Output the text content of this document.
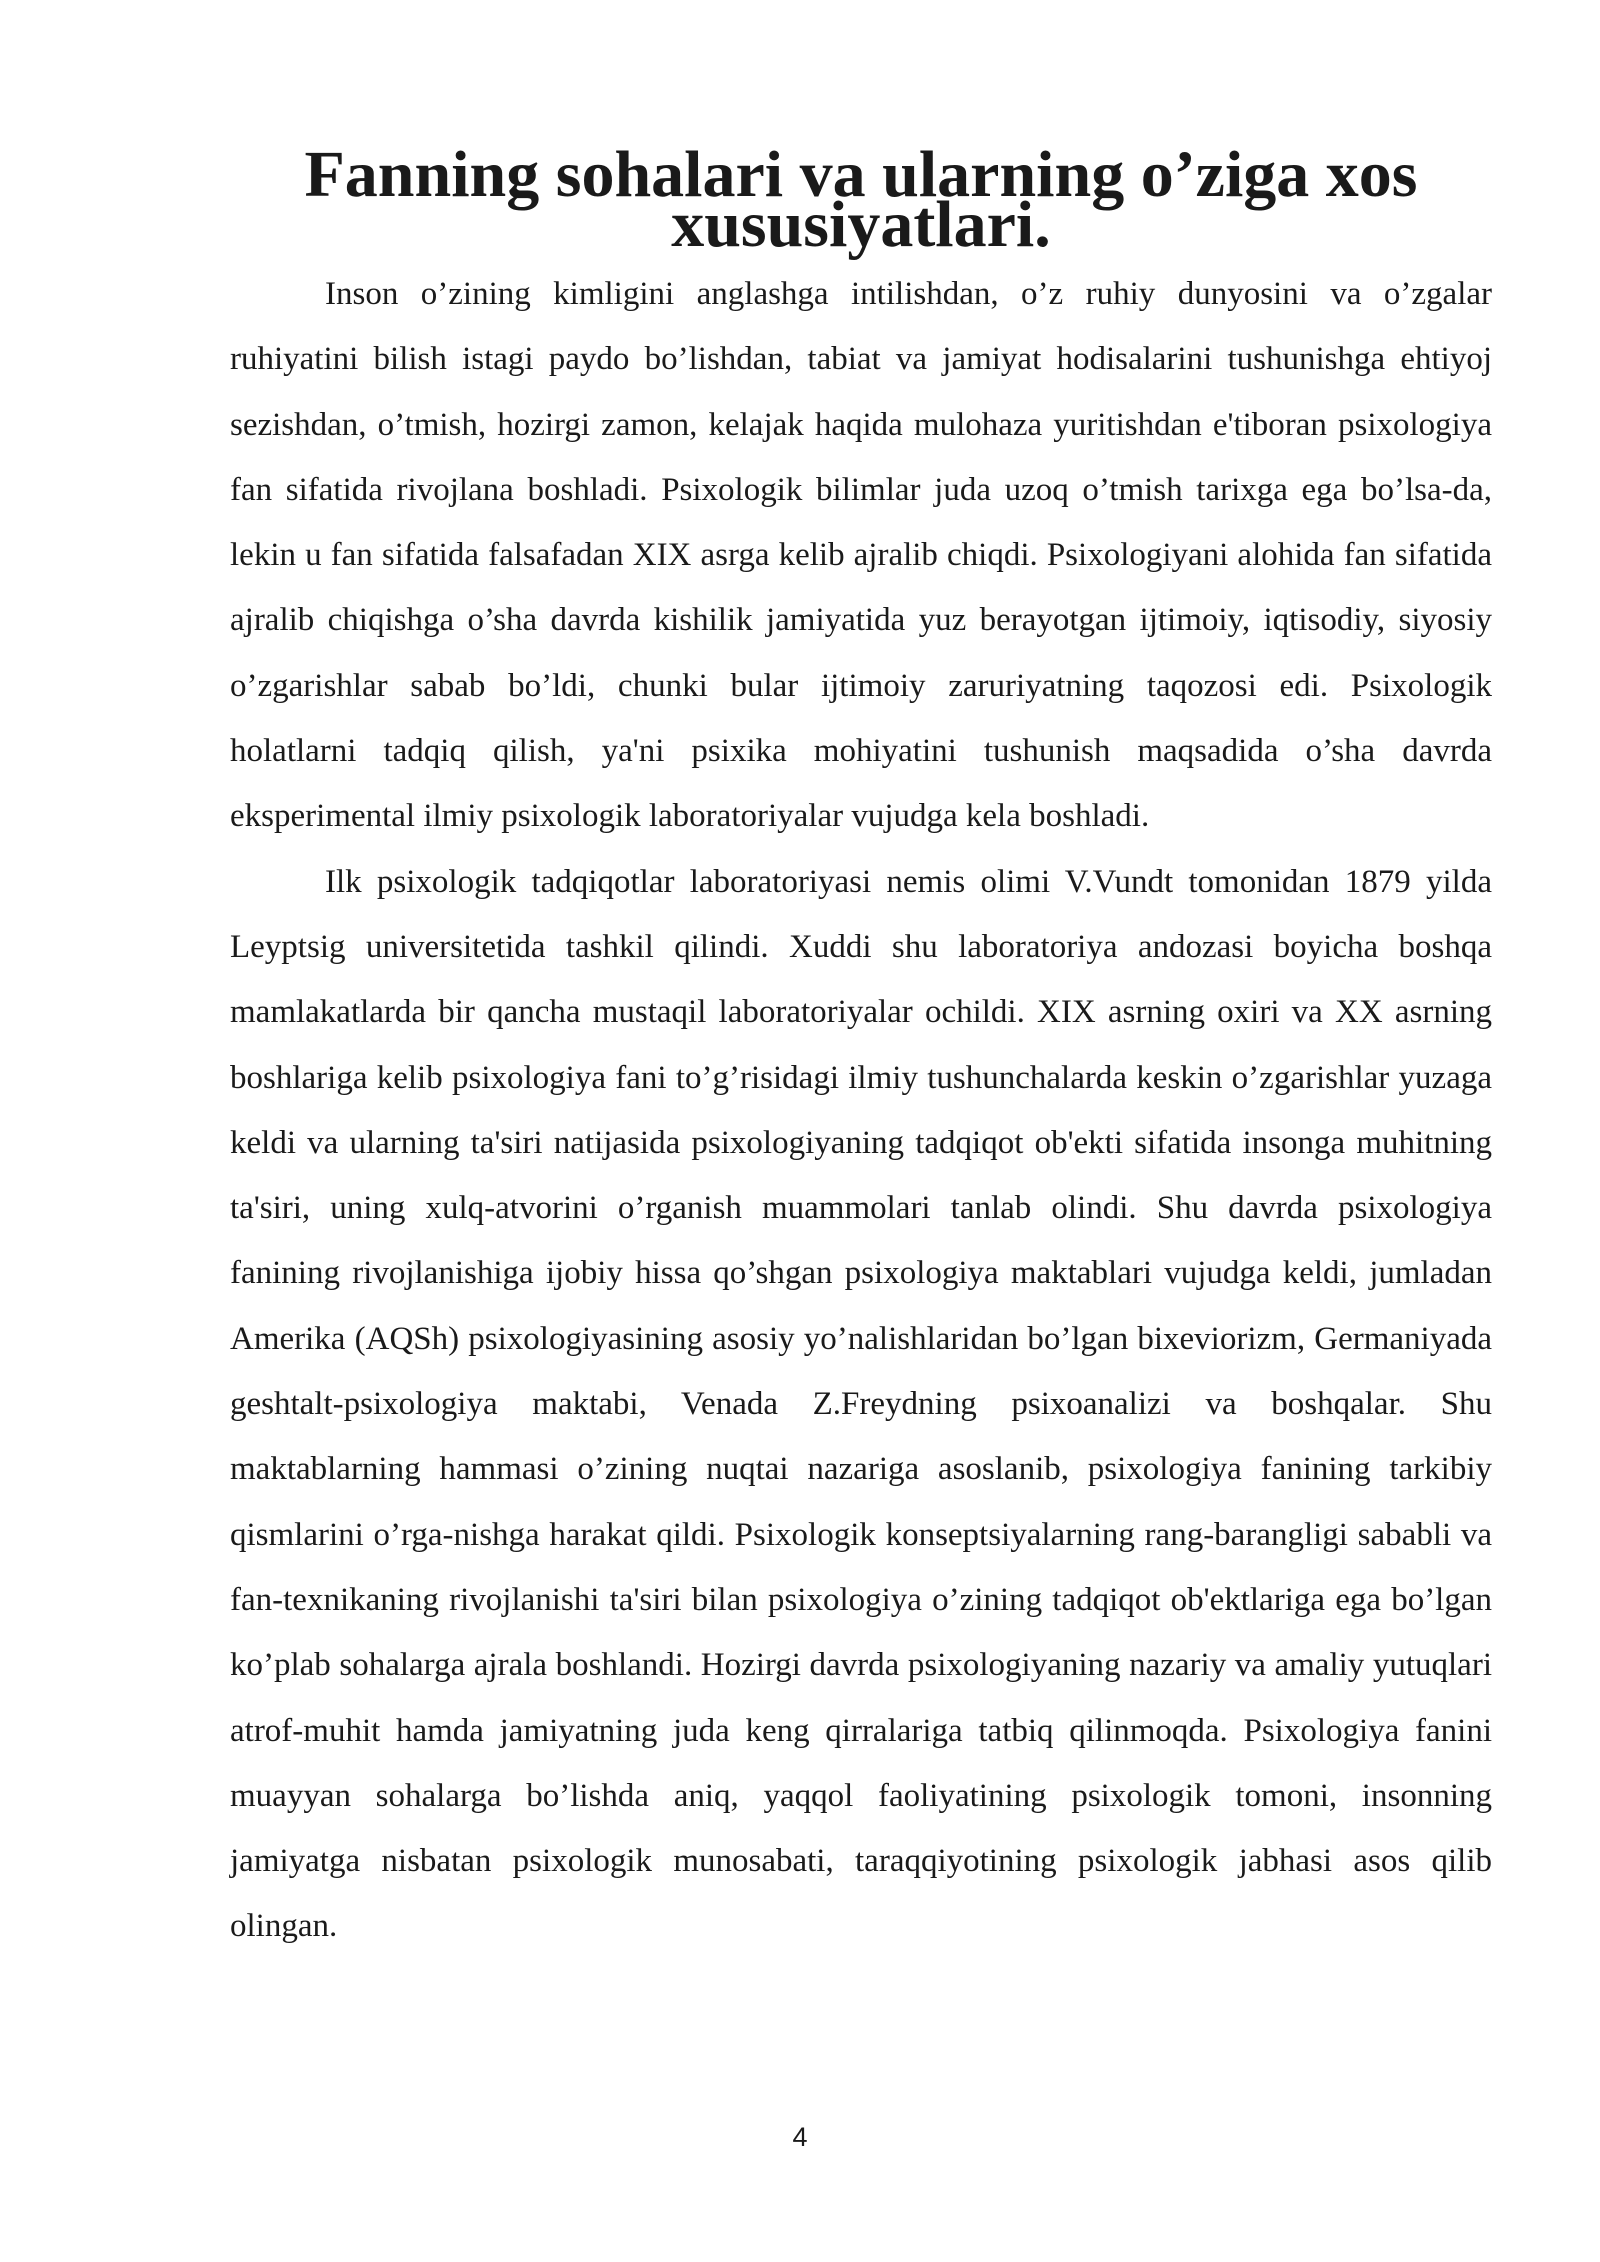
Fanning sohalari va ularning o’ziga xos xususiyatlari.

Inson o’zining kimligini anglashga intilishdan, o’z ruhiy dunyosini va o’zgalar ruhiyatini bilish istagi paydo bo’lishdan, tabiat va jamiyat hodisalarini tushunishga ehtiyoj sezishdan, o’tmish, hozirgi zamon, kelajak haqida mulohaza yuritishdan e'tiboran psixologiya fan sifatida rivojlana boshladi. Psixologik bilimlar juda uzoq o’tmish tarixga ega bo’lsa-da, lekin u fan sifatida falsafadan XIX asrga kelib ajralib chiqdi. Psixologiyani alohida fan sifatida ajralib chiqishga o’sha davrda kishilik jamiyatida yuz berayotgan ijtimoiy, iqtisodiy, siyosiy o’zgarishlar sabab bo’ldi, chunki bular ijtimoiy zaruriyatning taqozosi edi. Psixologik holatlarni tadqiq qilish, ya'ni psixika mohiyatini tushunish maqsadida o’sha davrda eksperimental ilmiy psixologik laboratoriyalar vujudga kela boshladi.

Ilk psixologik tadqiqotlar laboratoriyasi nemis olimi V.Vundt tomonidan 1879 yilda Leyptsig universitetida tashkil qilindi. Xuddi shu laboratoriya andozasi boyicha boshqa mamlakatlarda bir qancha mustaqil laboratoriyalar ochildi. XIX asrning oxiri va XX asrning boshlariga kelib psixologiya fani to’g’risidagi ilmiy tushunchalarda keskin o’zgarishlar yuzaga keldi va ularning ta'siri natijasida psixologiyaning tadqiqot ob'ekti sifatida insonga muhitning ta'siri, uning xulq-atvorini o’rganish muammolari tanlab olindi. Shu davrda psixologiya fanining rivojlanishiga ijobiy hissa qo’shgan psixologiya maktablari vujudga keldi, jumladan Amerika (AQSh) psixologiyasining asosiy yo’nalishlaridan bo’lgan bixeviorizm, Germaniyada geshtalt-psixologiya maktabi, Venada Z.Freydning psixoanalizi va boshqalar. Shu maktablarning hammasi o’zining nuqtai nazariga asoslanib, psixologiya fanining tarkibiy qismlarini o’rga-nishga harakat qildi. Psixologik konseptsiyalarning rang-barangligi sababli va fan-texnikaning rivojlanishi ta'siri bilan psixologiya o’zining tadqiqot ob'ektlariga ega bo’lgan ko’plab sohalarga ajrala boshlandi. Hozirgi davrda psixologiyaning nazariy va amaliy yutuqlari atrof-muhit hamda jamiyatning juda keng qirralariga tatbiq qilinmoqda. Psixologiya fanini muayyan sohalarga bo’lishda aniq, yaqqol faoliyatining psixologik tomoni, insonning jamiyatga nisbatan psixologik munosabati, taraqqiyotining psixologik jabhasi asos qilib olingan.

4
